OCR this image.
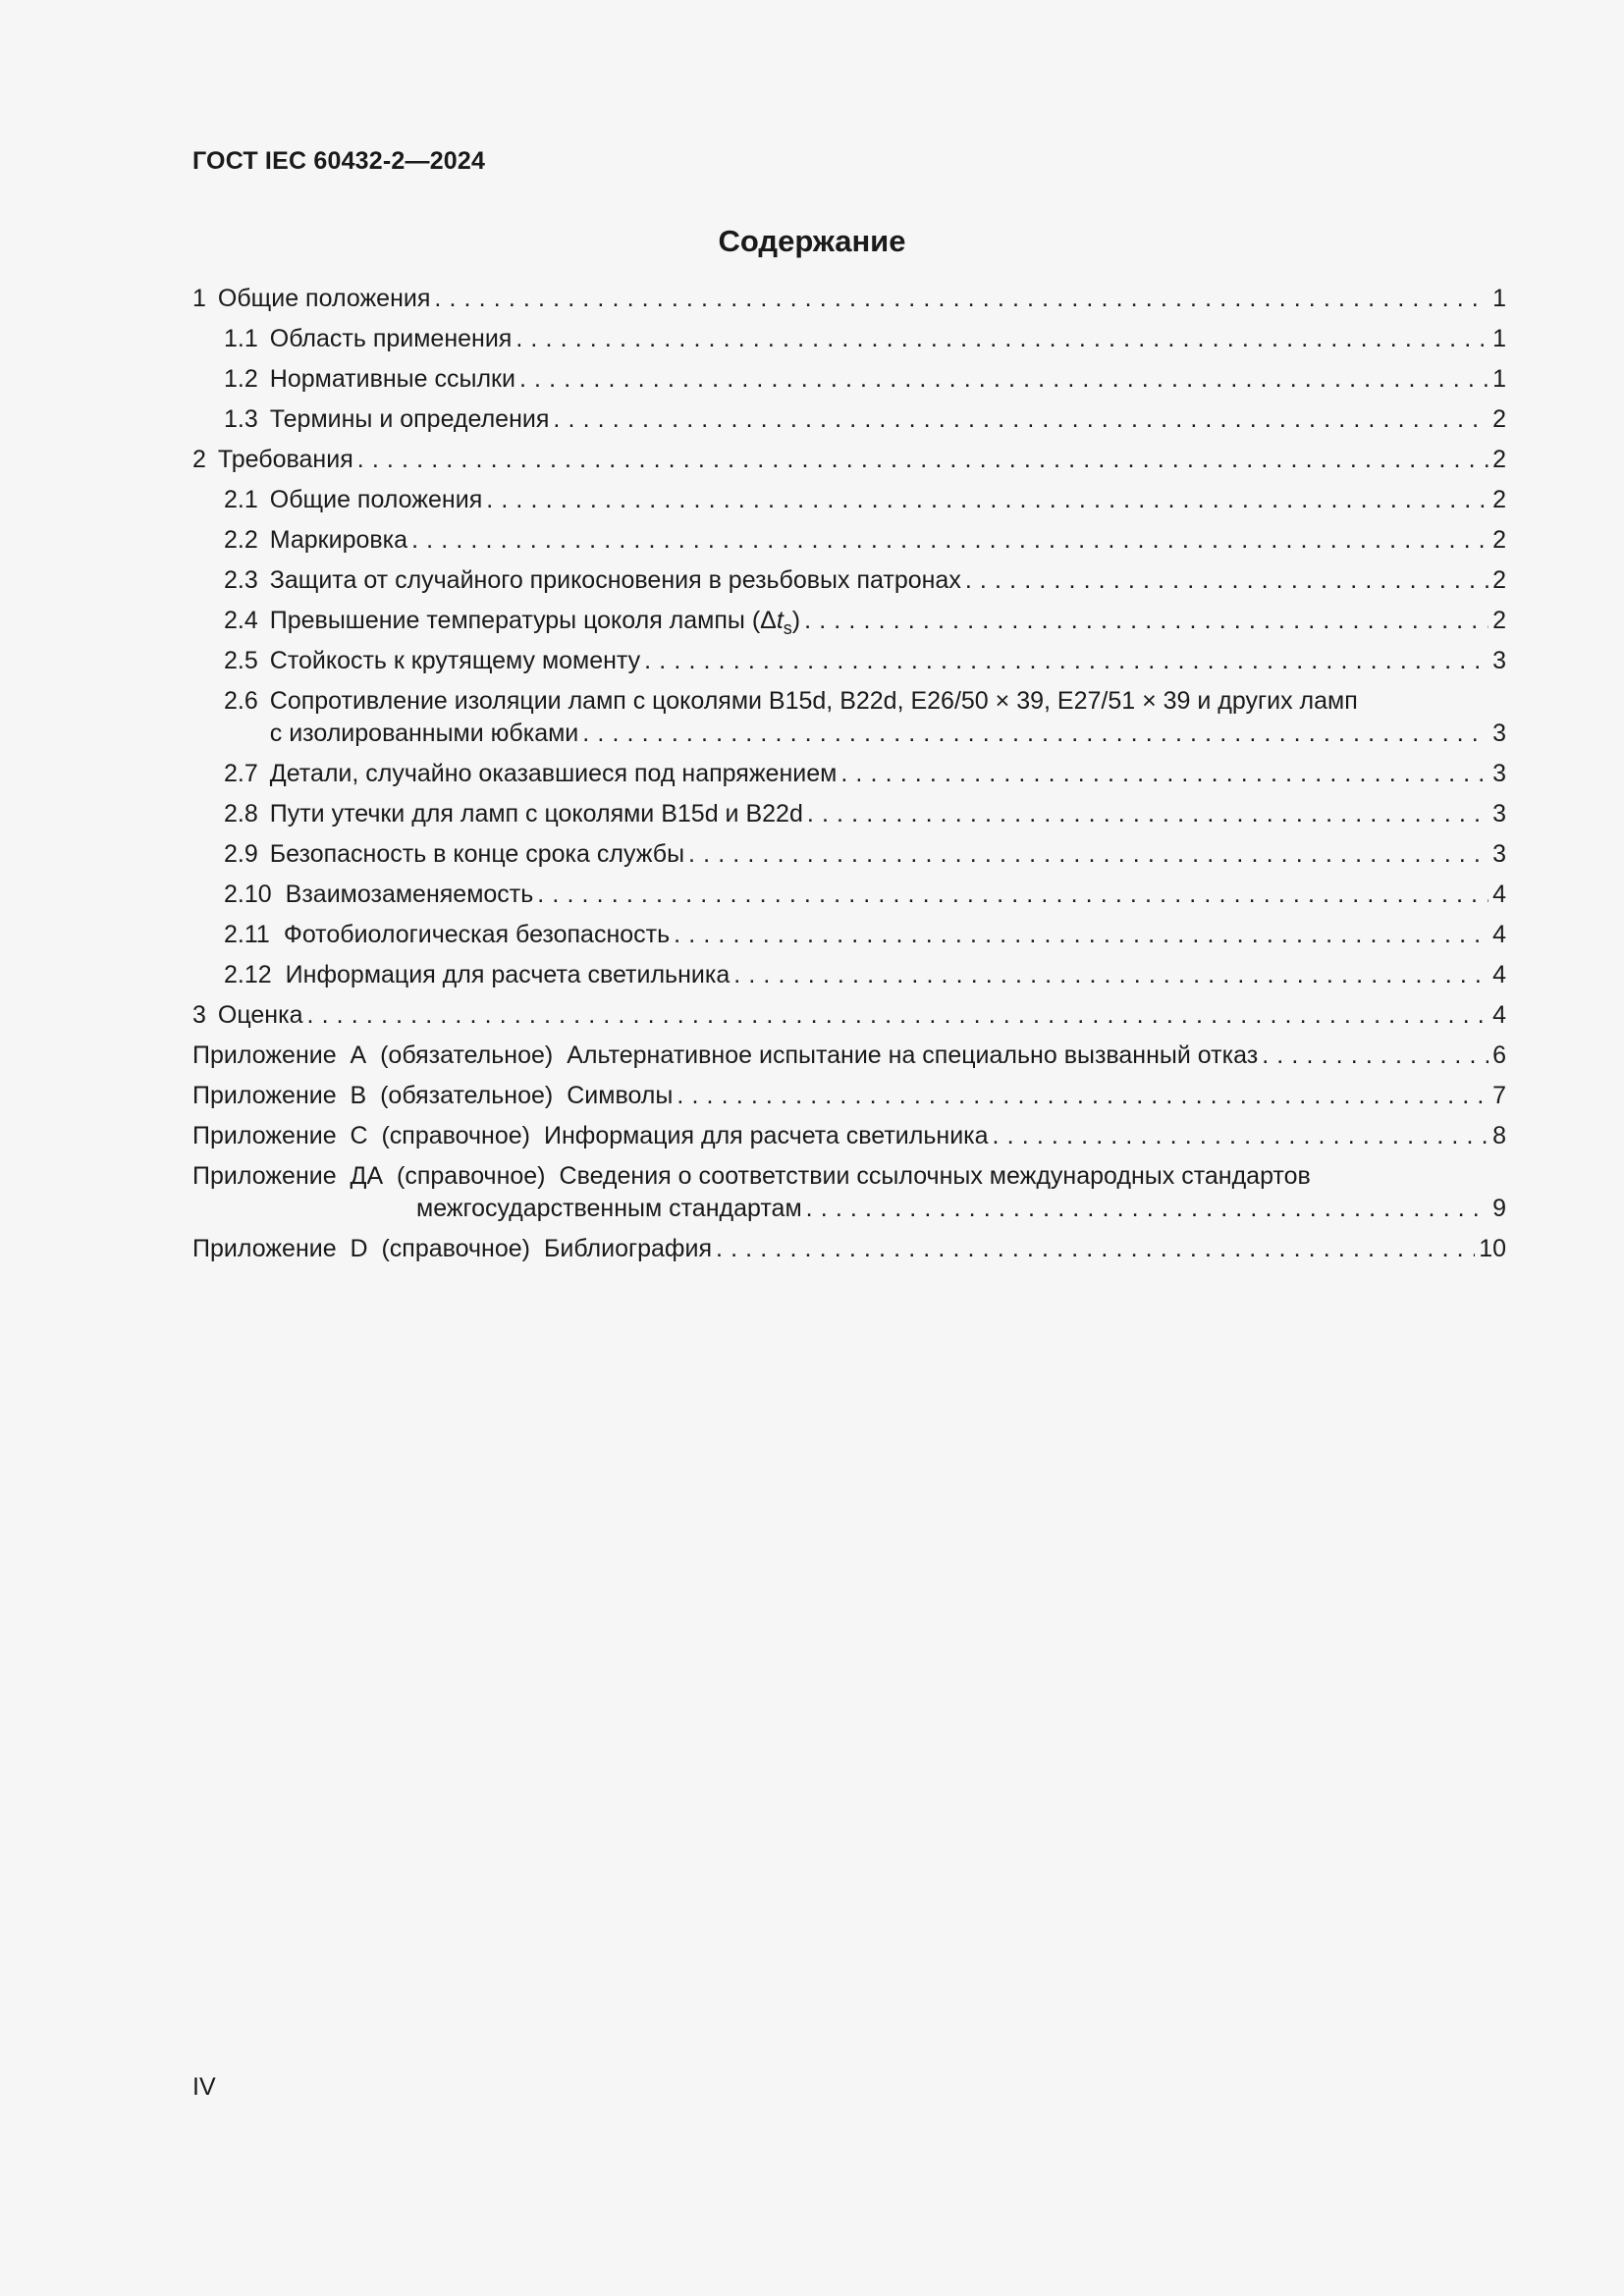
ГОСТ IEC 60432-2—2024
Содержание
1 Общие положения . . .	1
1.1 Область применения . . .	1
1.2 Нормативные ссылки . . .	1
1.3 Термины и определения . . .	2
2 Требования . . .	2
2.1 Общие положения . . .	2
2.2 Маркировка . . .	2
2.3 Защита от случайного прикосновения в резьбовых патронах . . .	2
2.4 Превышение температуры цоколя лампы $(\Delta t_s)$ . . .	2
2.5 Стойкость к крутящему моменту . . .	3
2.6 Сопротивление изоляции ламп с цоколями B15d, B22d, E26/50 × 39, E27/51 × 39 и других ламп
с изолированными юбками . . .	3
2.7 Детали, случайно оказавшиеся под напряжением . . .	3
2.8 Пути утечки для ламп с цоколями B15d и B22d . . .	3
2.9 Безопасность в конце срока службы . . .	3
2.10 Взаимозаменяемость . . .	4
2.11 Фотобиологическая безопасность . . .	4
2.12 Информация для расчета светильника . . .	4
3 Оценка . . .	4
Приложение  А  (обязательное) Альтернативное испытание на специально вызванный отказ . . .	6
Приложение  В  (обязательное) Символы . . .	7
Приложение  С  (справочное) Информация для расчета светильника . . .	8
Приложение  ДА  (справочное) Сведения о соответствии ссылочных международных стандартов
межгосударственным стандартам . . .	9
Приложение  D  (справочное) Библиография . . .	10
IV
